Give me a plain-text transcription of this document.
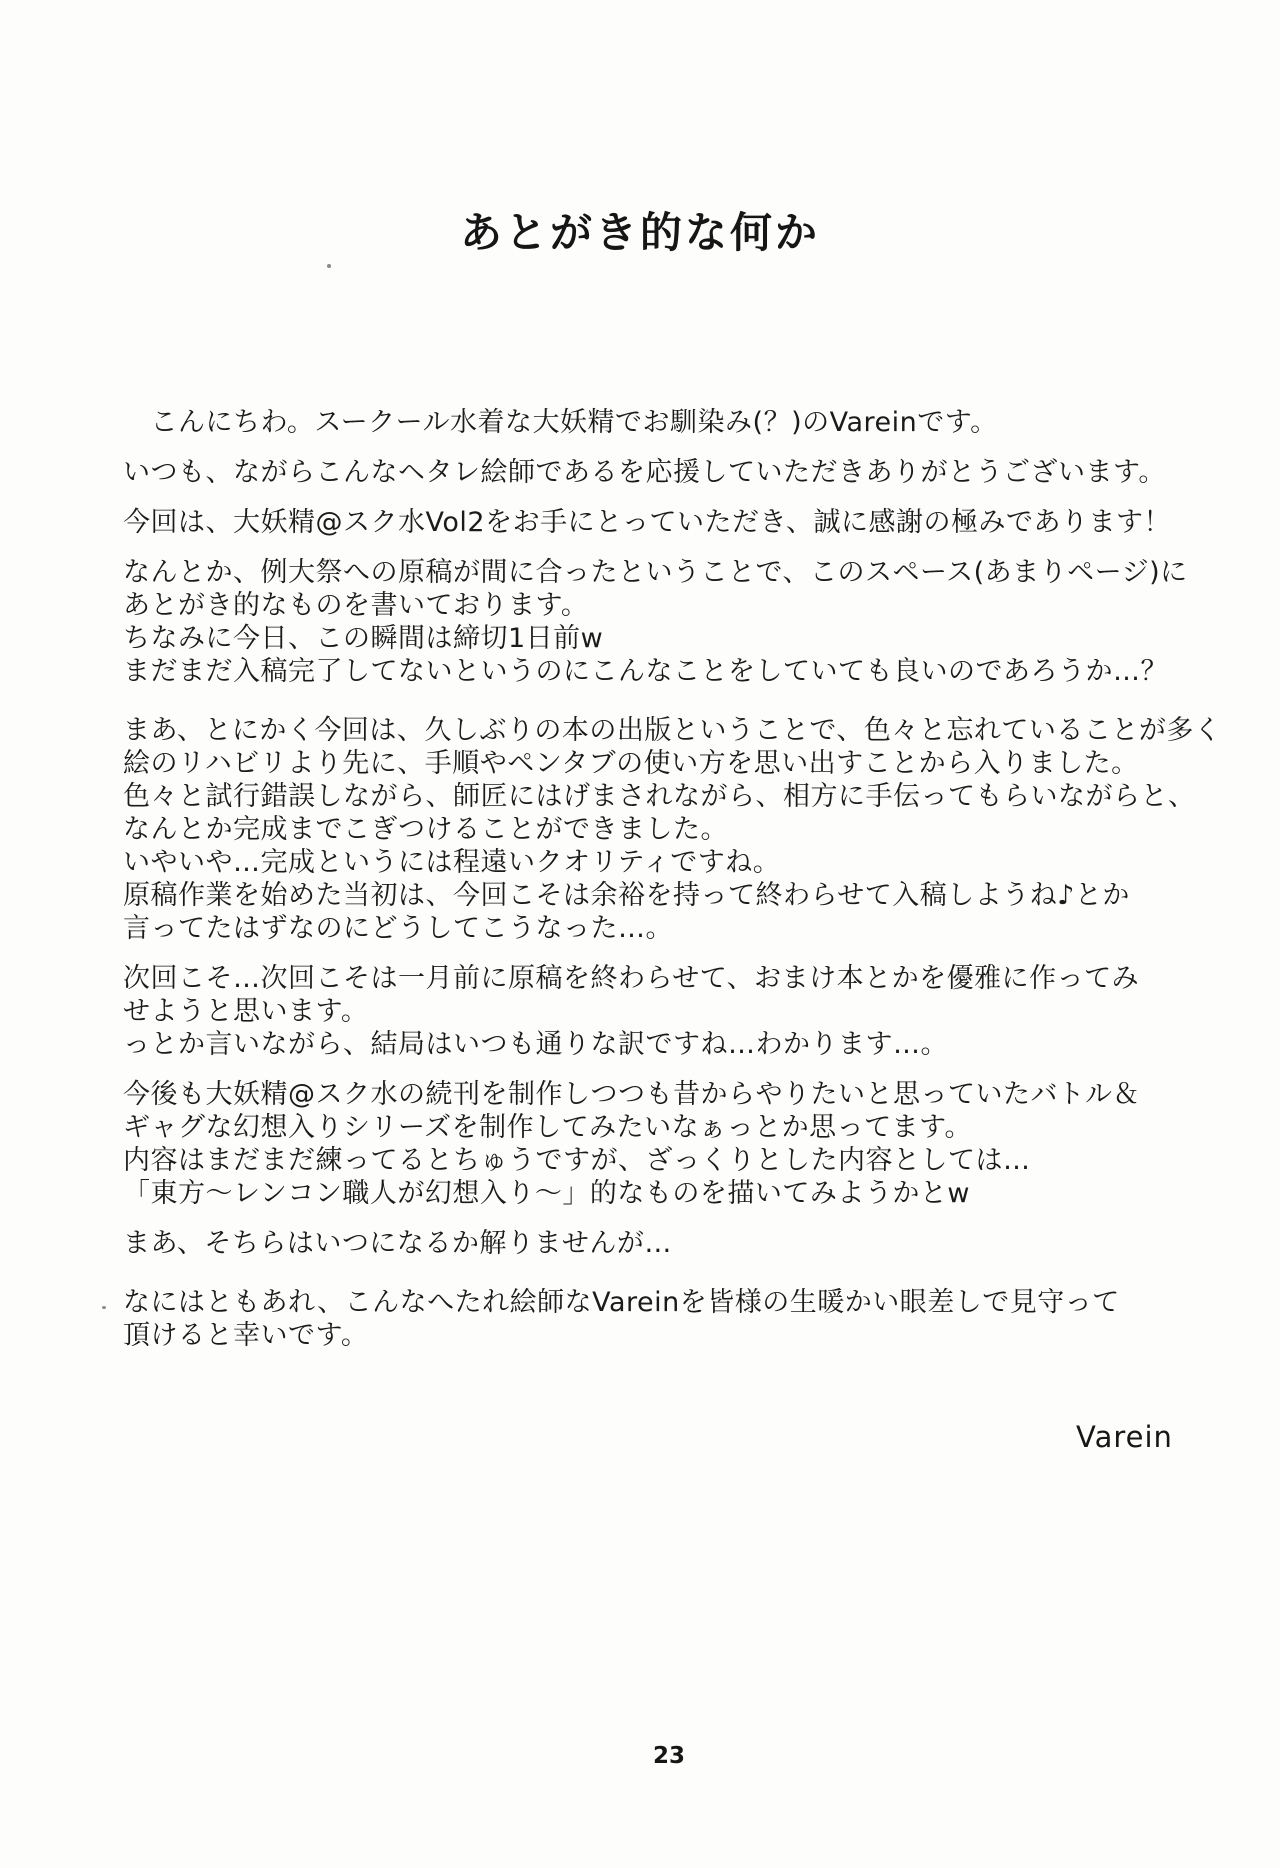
あとがき的な何か

　こんにちわ。スークール水着な大妖精でお馴染み(？)のVareinです。

いつも、ながらこんなヘタレ絵師であるを応援していただきありがとうございます。

今回は、大妖精@スク水Vol2をお手にとっていただき、誠に感謝の極みであります！

なんとか、例大祭への原稿が間に合ったということで、このスペース(あまりページ)に
あとがき的なものを書いております。
ちなみに今日、この瞬間は締切1日前w
まだまだ入稿完了してないというのにこんなことをしていても良いのであろうか…？

まあ、とにかく今回は、久しぶりの本の出版ということで、色々と忘れていることが多く
絵のリハビリより先に、手順やペンタブの使い方を思い出すことから入りました。
色々と試行錯誤しながら、師匠にはげまされながら、相方に手伝ってもらいながらと、
なんとか完成までこぎつけることができました。
いやいや…完成というには程遠いクオリティですね。
原稿作業を始めた当初は、今回こそは余裕を持って終わらせて入稿しようね♪とか
言ってたはずなのにどうしてこうなった…。

次回こそ…次回こそは一月前に原稿を終わらせて、おまけ本とかを優雅に作ってみ
せようと思います。
っとか言いながら、結局はいつも通りな訳ですね…わかります…。

今後も大妖精@スク水の続刊を制作しつつも昔からやりたいと思っていたバトル＆
ギャグな幻想入りシリーズを制作してみたいなぁっとか思ってます。
内容はまだまだ練ってるとちゅうですが、ざっくりとした内容としては…
「東方～レンコン職人が幻想入り～」的なものを描いてみようかとw

まあ、そちらはいつになるか解りませんが…

なにはともあれ、こんなへたれ絵師なVareinを皆様の生暖かい眼差しで見守って
頂けると幸いです。

Varein
23
